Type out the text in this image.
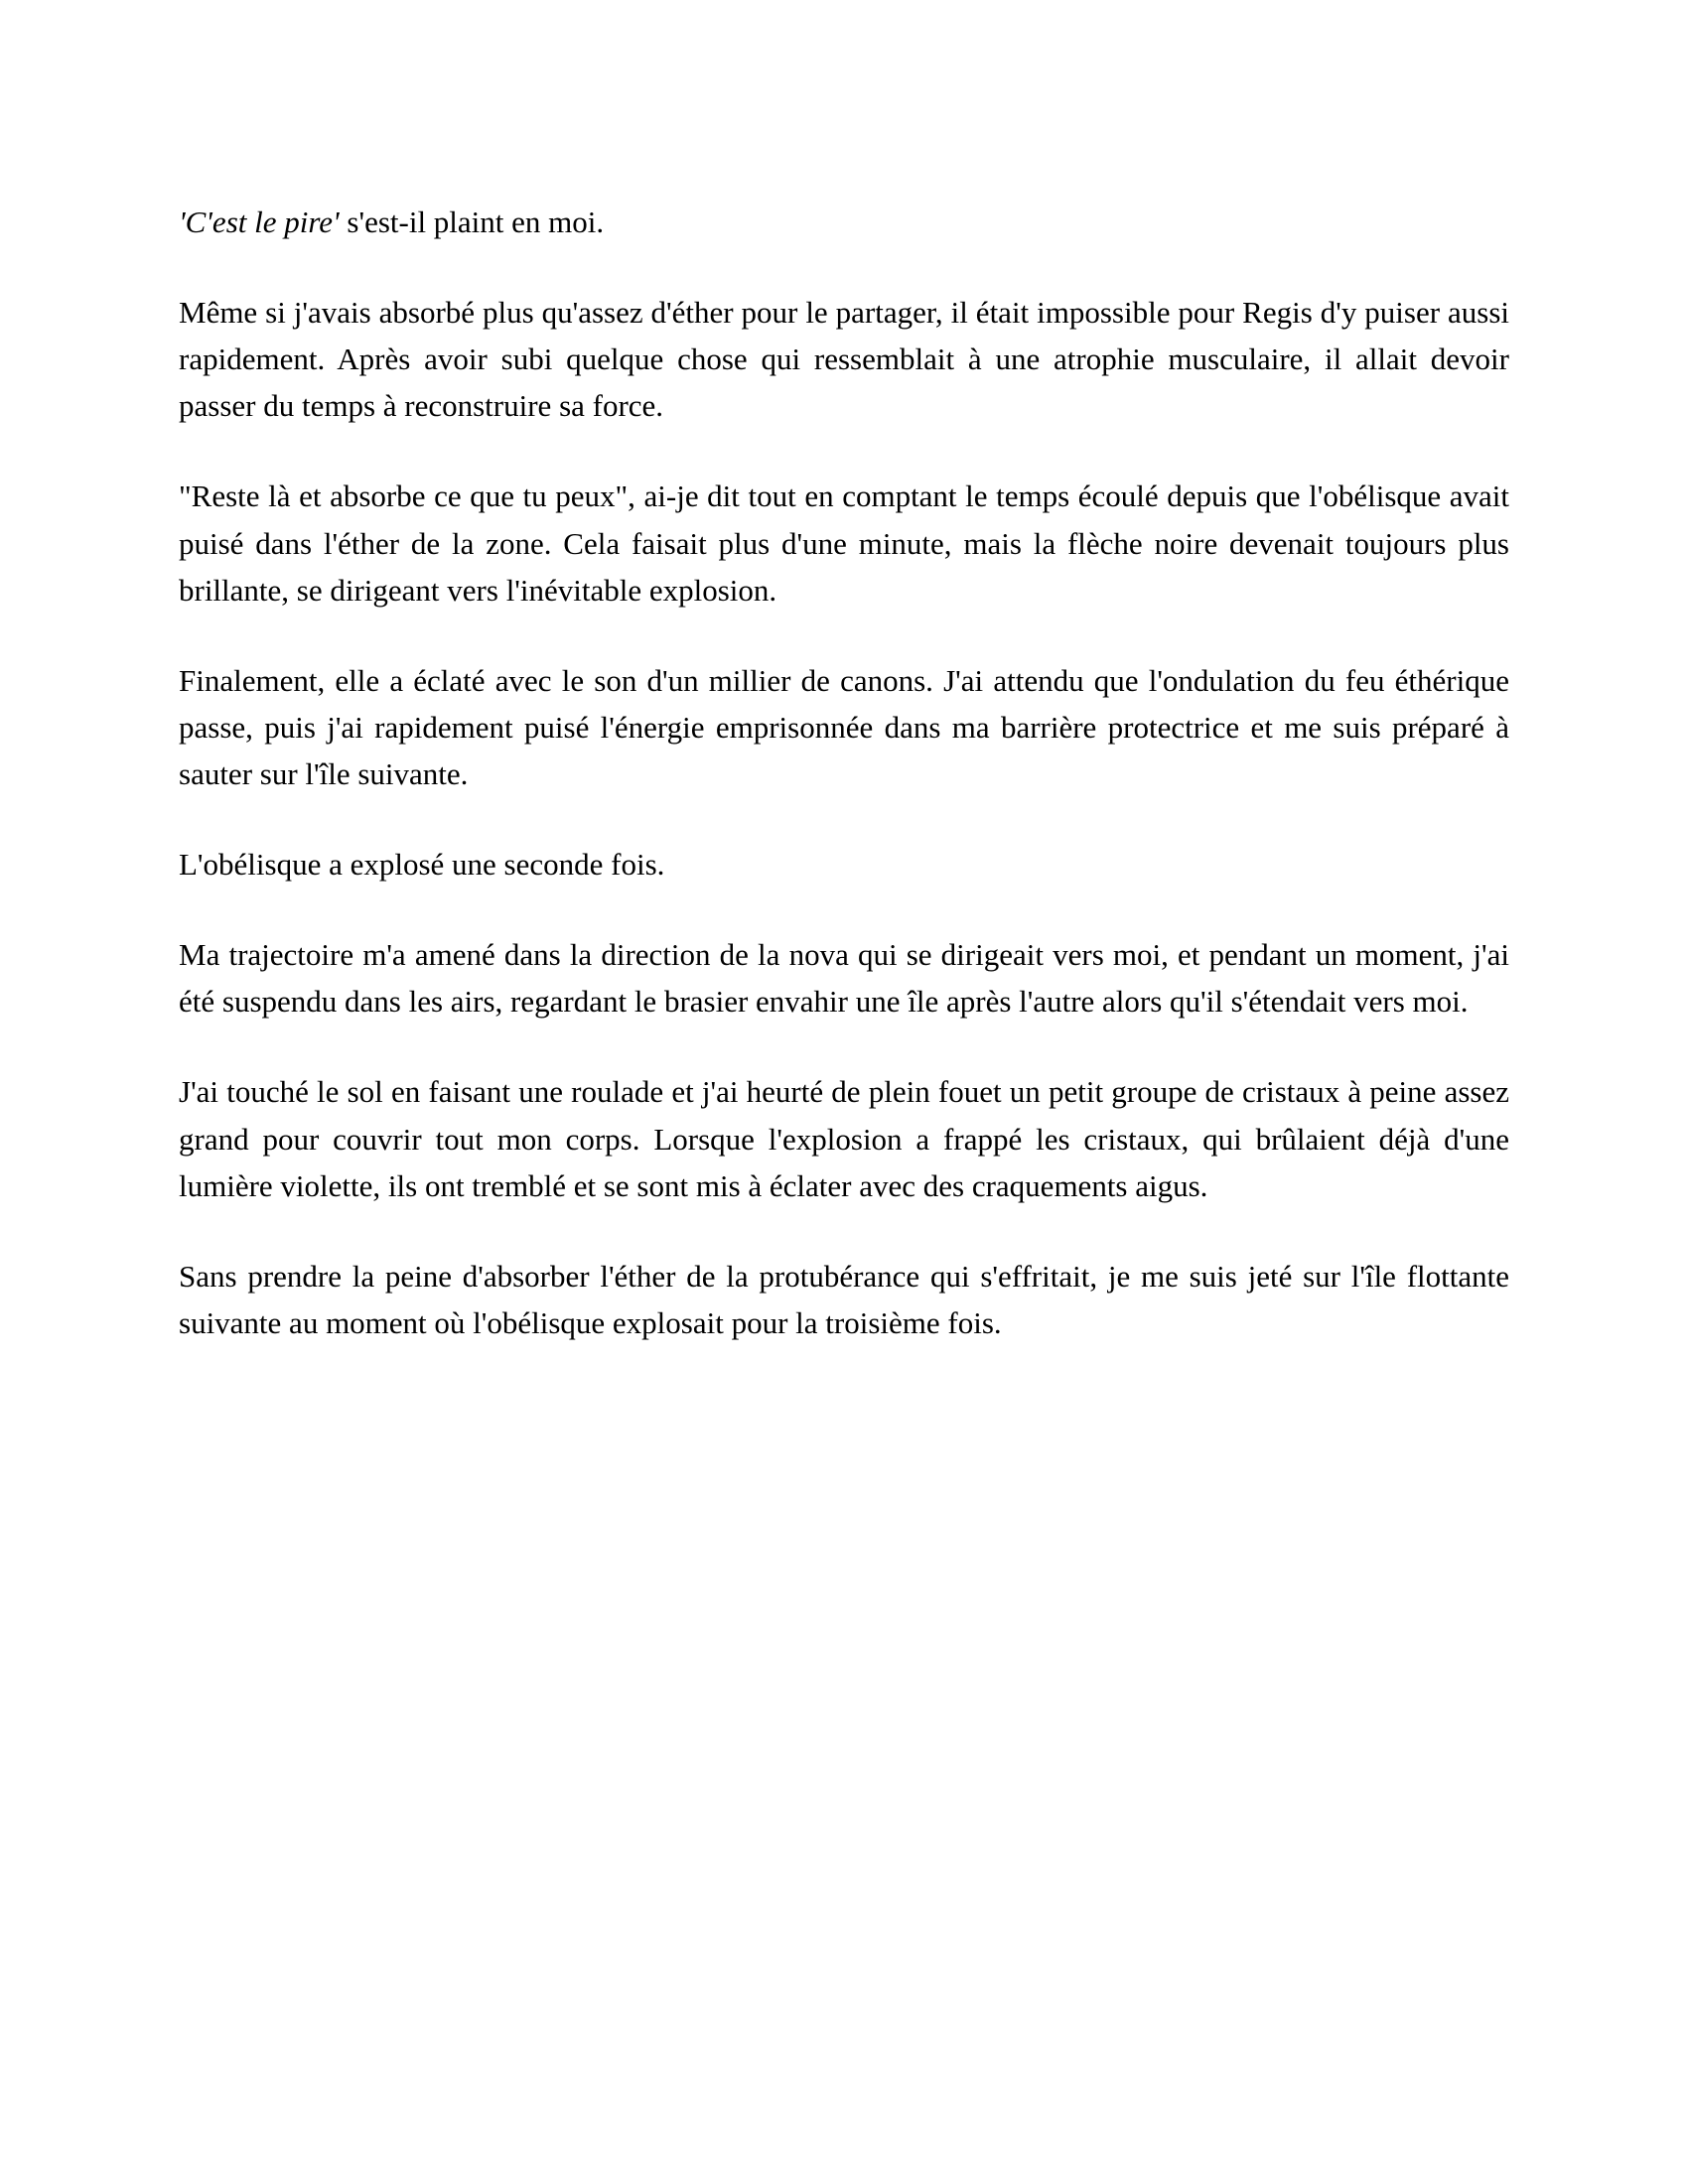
'C'est le pire' s'est-il plaint en moi.

Même si j'avais absorbé plus qu'assez d'éther pour le partager, il était impossible pour Regis d'y puiser aussi rapidement. Après avoir subi quelque chose qui ressemblait à une atrophie musculaire, il allait devoir passer du temps à reconstruire sa force.

"Reste là et absorbe ce que tu peux", ai-je dit tout en comptant le temps écoulé depuis que l'obélisque avait puisé dans l'éther de la zone. Cela faisait plus d'une minute, mais la flèche noire devenait toujours plus brillante, se dirigeant vers l'inévitable explosion.

Finalement, elle a éclaté avec le son d'un millier de canons. J'ai attendu que l'ondulation du feu éthérique passe, puis j'ai rapidement puisé l'énergie emprisonnée dans ma barrière protectrice et me suis préparé à sauter sur l'île suivante.

L'obélisque a explosé une seconde fois.

Ma trajectoire m'a amené dans la direction de la nova qui se dirigeait vers moi, et pendant un moment, j'ai été suspendu dans les airs, regardant le brasier envahir une île après l'autre alors qu'il s'étendait vers moi.

J'ai touché le sol en faisant une roulade et j'ai heurté de plein fouet un petit groupe de cristaux à peine assez grand pour couvrir tout mon corps. Lorsque l'explosion a frappé les cristaux, qui brûlaient déjà d'une lumière violette, ils ont tremblé et se sont mis à éclater avec des craquements aigus.

Sans prendre la peine d'absorber l'éther de la protubérance qui s'effritait, je me suis jeté sur l'île flottante suivante au moment où l'obélisque explosait pour la troisième fois.
